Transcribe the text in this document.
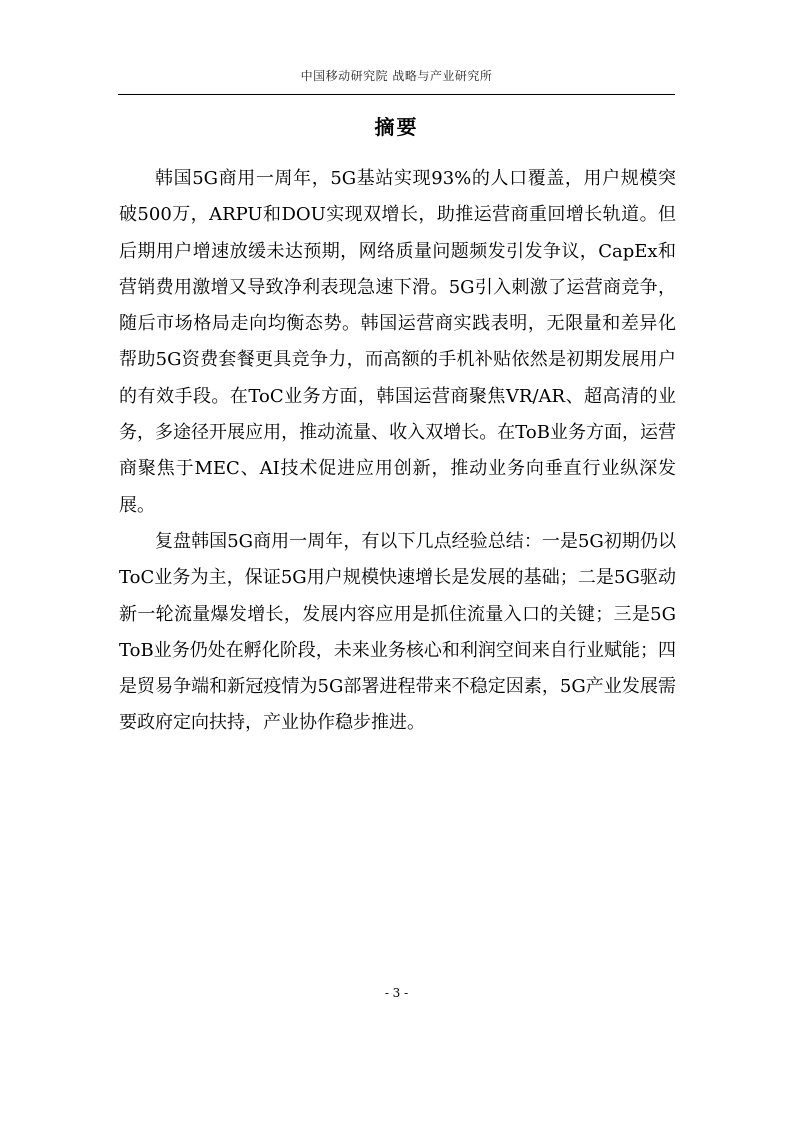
中国移动研究院 战略与产业研究所
摘要

韩国5G商用一周年，5G基站实现93%的人口覆盖，用户规模突破500万，ARPU和DOU实现双增长，助推运营商重回增长轨道。但后期用户增速放缓未达预期，网络质量问题频发引发争议，CapEx和营销费用激增又导致净利表现急速下滑。5G引入刺激了运营商竞争，随后市场格局走向均衡态势。韩国运营商实践表明，无限量和差异化帮助5G资费套餐更具竞争力，而高额的手机补贴依然是初期发展用户的有效手段。在ToC业务方面，韩国运营商聚焦VR/AR、超高清的业务，多途径开展应用，推动流量、收入双增长。在ToB业务方面，运营商聚焦于MEC、AI技术促进应用创新，推动业务向垂直行业纵深发展。

复盘韩国5G商用一周年，有以下几点经验总结：一是5G初期仍以ToC业务为主，保证5G用户规模快速增长是发展的基础；二是5G驱动新一轮流量爆发增长，发展内容应用是抓住流量入口的关键；三是5G ToB业务仍处在孵化阶段，未来业务核心和利润空间来自行业赋能；四是贸易争端和新冠疫情为5G部署进程带来不稳定因素，5G产业发展需要政府定向扶持，产业协作稳步推进。

- 3 -
